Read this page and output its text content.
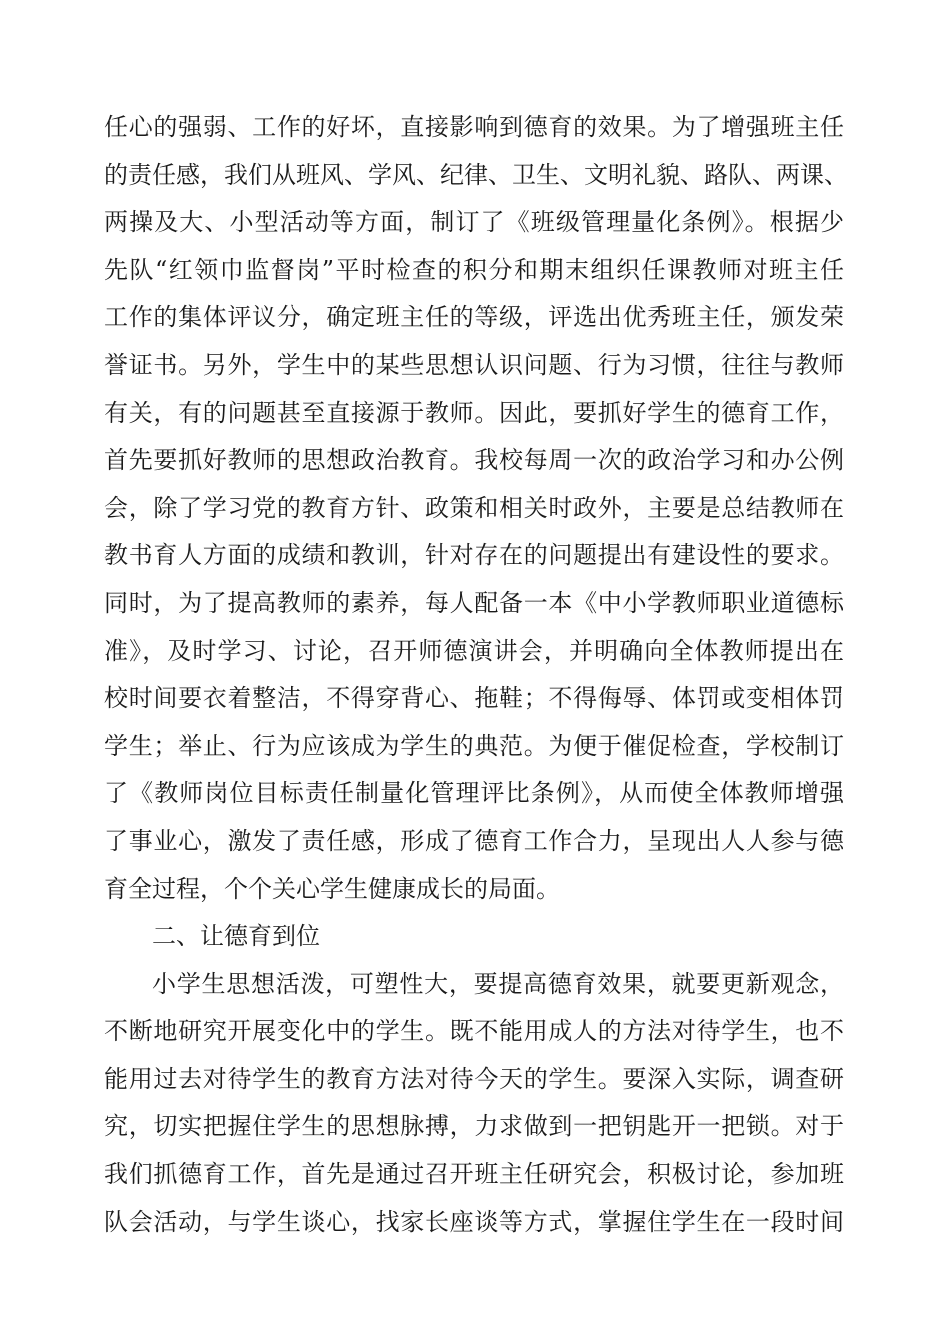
任心的强弱、工作的好坏，直接影响到德育的效果。为了增强班主任
的责任感，我们从班风、学风、纪律、卫生、文明礼貌、路队、两课、
两操及大、小型活动等方面，制订了《班级管理量化条例》。根据少
先队“红领巾监督岗”平时检查的积分和期末组织任课教师对班主任
工作的集体评议分，确定班主任的等级，评选出优秀班主任，颁发荣
誉证书。另外，学生中的某些思想认识问题、行为习惯，往往与教师
有关，有的问题甚至直接源于教师。因此，要抓好学生的德育工作，
首先要抓好教师的思想政治教育。我校每周一次的政治学习和办公例
会，除了学习党的教育方针、政策和相关时政外，主要是总结教师在
教书育人方面的成绩和教训，针对存在的问题提出有建设性的要求。
同时，为了提高教师的素养，每人配备一本《中小学教师职业道德标
准》，及时学习、讨论，召开师德演讲会，并明确向全体教师提出在
校时间要衣着整洁，不得穿背心、拖鞋；不得侮辱、体罚或变相体罚
学生；举止、行为应该成为学生的典范。为便于催促检查，学校制订
了《教师岗位目标责任制量化管理评比条例》，从而使全体教师增强
了事业心，激发了责任感，形成了德育工作合力，呈现出人人参与德
育全过程，个个关心学生健康成长的局面。
二、让德育到位
小学生思想活泼，可塑性大，要提高德育效果，就要更新观念，
不断地研究开展变化中的学生。既不能用成人的方法对待学生，也不
能用过去对待学生的教育方法对待今天的学生。要深入实际，调查研
究，切实把握住学生的思想脉搏，力求做到一把钥匙开一把锁。对于
我们抓德育工作，首先是通过召开班主任研究会，积极讨论，参加班
队会活动，与学生谈心，找家长座谈等方式，掌握住学生在一段时间
